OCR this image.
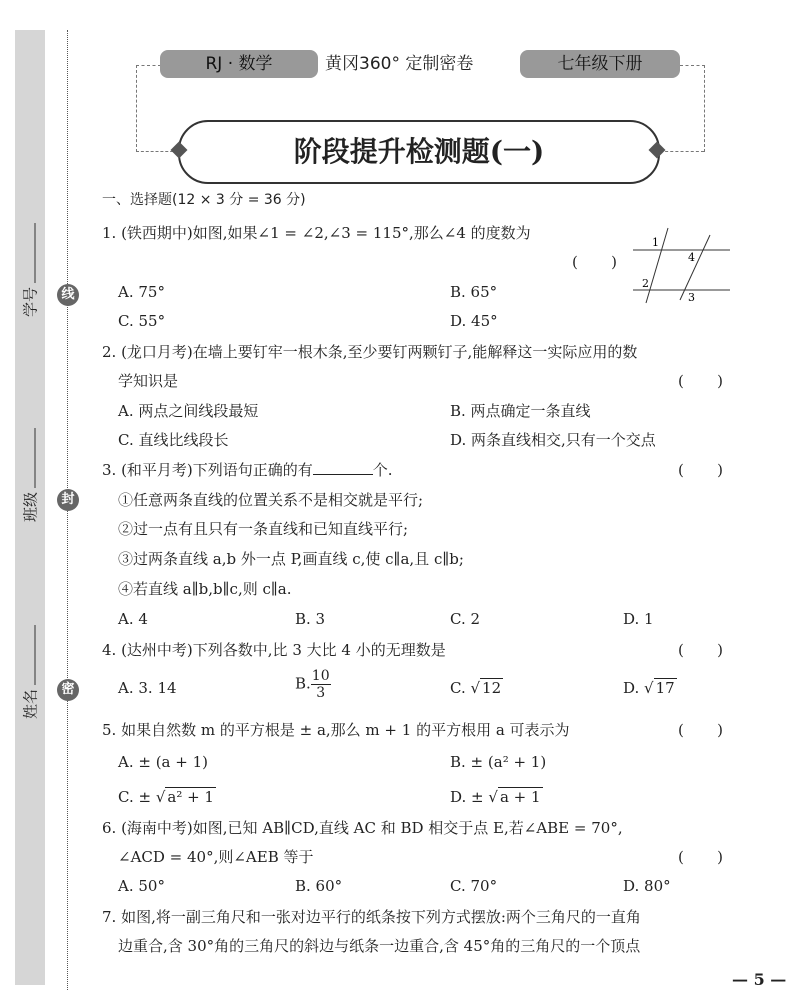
学号
班级
姓名
线
封
密
RJ · 数学	黄冈360° 定制密卷	七年级下册
阶段提升检测题(一)
一、选择题(12 × 3 分 = 36 分)
1. (铁西期中)如图,如果∠1 = ∠2,∠3 = 115°,那么∠4 的度数为
( )
1
2
3
4
A. 75°	B. 65°
C. 55°	D. 45°
2. (龙口月考)在墙上要钉牢一根木条,至少要钉两颗钉子,能解释这一实际应用的数
学知识是	( )
A. 两点之间线段最短	B. 两点确定一条直线
C. 直线比线段长	D. 两条直线相交,只有一个交点
3. (和平月考)下列语句正确的有	个.	( )
①任意两条直线的位置关系不是相交就是平行;
②过一点有且只有一条直线和已知直线平行;
③过两条直线 a,b 外一点 P,画直线 c,使 c∥a,且 c∥b;
④若直线 a∥b,b∥c,则 c∥a.
A. 4	B. 3	C. 2	D. 1
4. (达州中考)下列各数中,比 3 大比 4 小的无理数是	( )
A. 3. 14	B. $\frac{10}{3}$	C. √ 12	D. √ 17
5. 如果自然数 m 的平方根是 ± a,那么 m + 1 的平方根用 a 可表示为	( )
A. ± (a + 1)	B. ± (a² + 1)
C. ± √ a² + 1	D. ± √ a + 1
6. (海南中考)如图,已知 AB∥CD,直线 AC 和 BD 相交于点 E,若∠ABE = 70°,
∠ACD = 40°,则∠AEB 等于	( )
A. 50°	B. 60°	C. 70°	D. 80°
7. 如图,将一副三角尺和一张对边平行的纸条按下列方式摆放:两个三角尺的一直角
边重合,含 30°角的三角尺的斜边与纸条一边重合,含 45°角的三角尺的一个顶点
— 5 —
